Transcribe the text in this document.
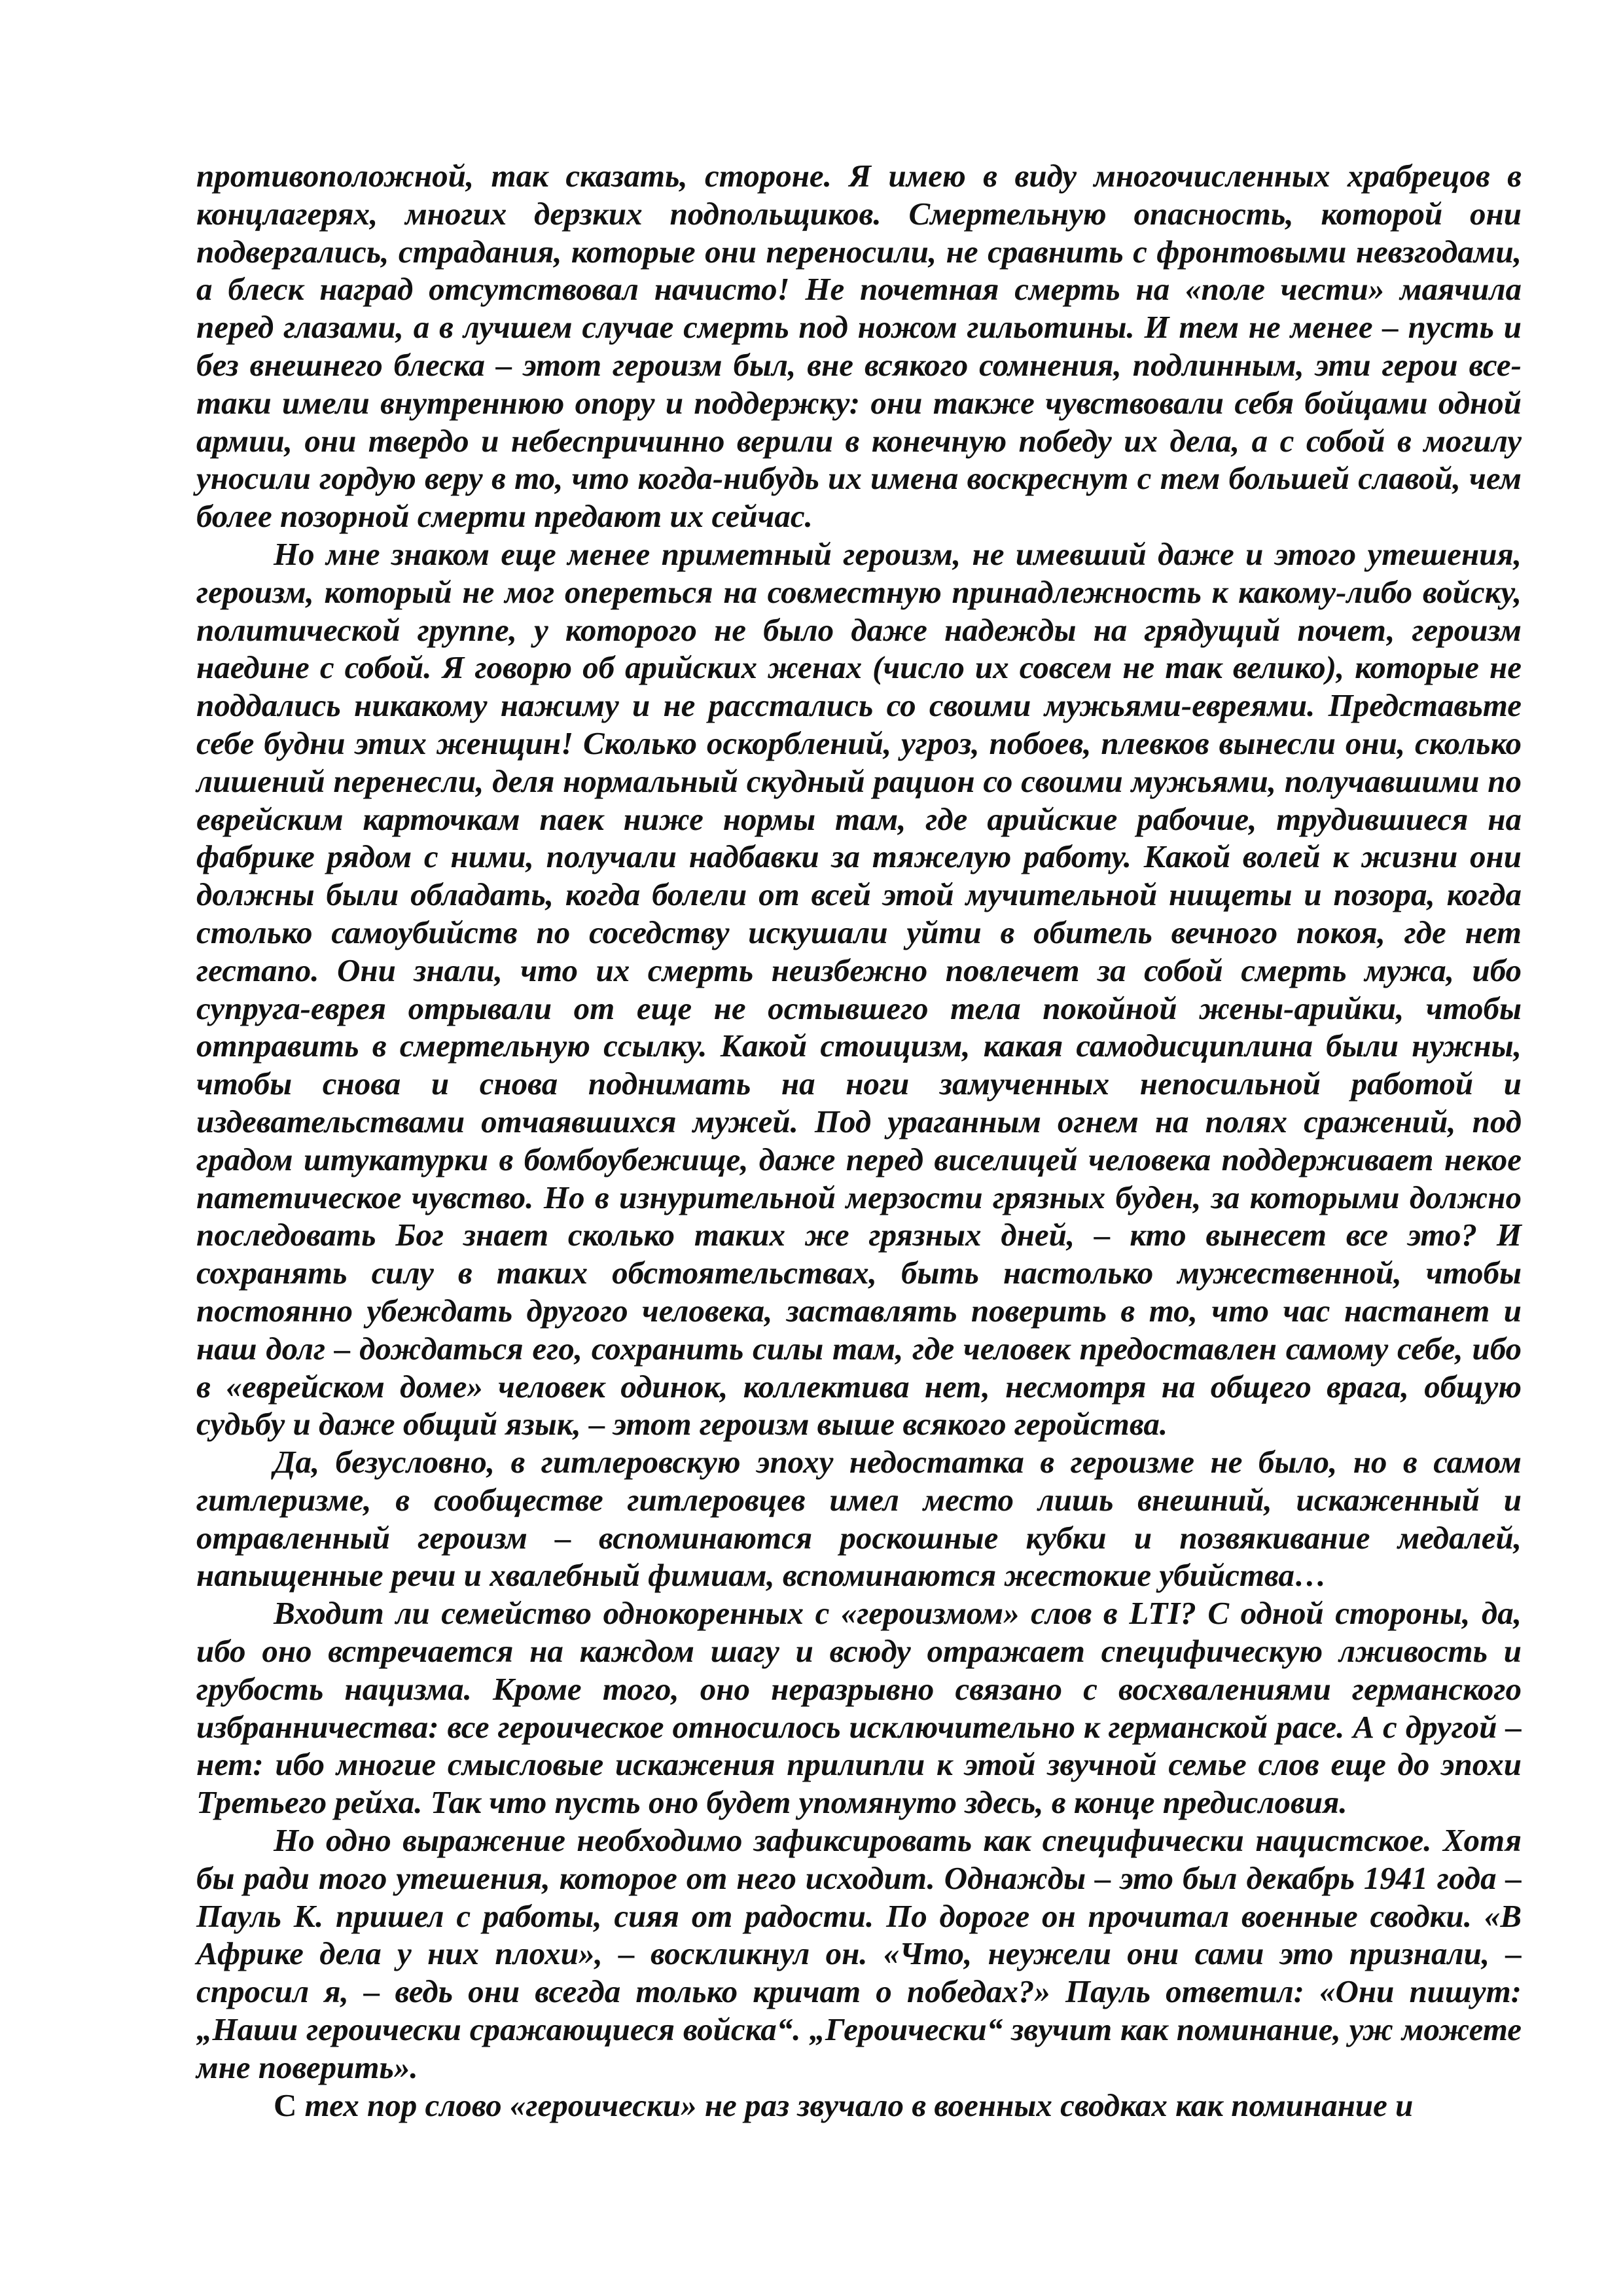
противоположной, так сказать, стороне. Я имею в виду многочисленных храбрецов в концлагерях, многих дерзких подпольщиков. Смертельную опасность, которой они подвергались, страдания, которые они переносили, не сравнить с фронтовыми невзгодами, а блеск наград отсутствовал начисто! Не почетная смерть на «поле чести» маячила перед глазами, а в лучшем случае смерть под ножом гильотины. И тем не менее – пусть и без внешнего блеска – этот героизм был, вне всякого сомнения, подлинным, эти герои все-таки имели внутреннюю опору и поддержку: они также чувствовали себя бойцами одной армии, они твердо и небеспричинно верили в конечную победу их дела, а с собой в могилу уносили гордую веру в то, что когда-нибудь их имена воскреснут с тем большей славой, чем более позорной смерти предают их сейчас.

Но мне знаком еще менее приметный героизм, не имевший даже и этого утешения, героизм, который не мог опереться на совместную принадлежность к какому-либо войску, политической группе, у которого не было даже надежды на грядущий почет, героизм наедине с собой. Я говорю об арийских женах (число их совсем не так велико), которые не поддались никакому нажиму и не расстались со своими мужьями-евреями. Представьте себе будни этих женщин! Сколько оскорблений, угроз, побоев, плевков вынесли они, сколько лишений перенесли, деля нормальный скудный рацион со своими мужьями, получавшими по еврейским карточкам паек ниже нормы там, где арийские рабочие, трудившиеся на фабрике рядом с ними, получали надбавки за тяжелую работу. Какой волей к жизни они должны были обладать, когда болели от всей этой мучительной нищеты и позора, когда столько самоубийств по соседству искушали уйти в обитель вечного покоя, где нет гестапо. Они знали, что их смерть неизбежно повлечет за собой смерть мужа, ибо супруга-еврея отрывали от еще не остывшего тела покойной жены-арийки, чтобы отправить в смертельную ссылку. Какой стоицизм, какая самодисциплина были нужны, чтобы снова и снова поднимать на ноги замученных непосильной работой и издевательствами отчаявшихся мужей. Под ураганным огнем на полях сражений, под градом штукатурки в бомбоубежище, даже перед виселицей человека поддерживает некое патетическое чувство. Но в изнурительной мерзости грязных буден, за которыми должно последовать Бог знает сколько таких же грязных дней, – кто вынесет все это? И сохранять силу в таких обстоятельствах, быть настолько мужественной, чтобы постоянно убеждать другого человека, заставлять поверить в то, что час настанет и наш долг – дождаться его, сохранить силы там, где человек предоставлен самому себе, ибо в «еврейском доме» человек одинок, коллектива нет, несмотря на общего врага, общую судьбу и даже общий язык, – этот героизм выше всякого геройства.

Да, безусловно, в гитлеровскую эпоху недостатка в героизме не было, но в самом гитлеризме, в сообществе гитлеровцев имел место лишь внешний, искаженный и отравленный героизм – вспоминаются роскошные кубки и позвякивание медалей, напыщенные речи и хвалебный фимиам, вспоминаются жестокие убийства…

Входит ли семейство однокоренных с «героизмом» слов в LTI? С одной стороны, да, ибо оно встречается на каждом шагу и всюду отражает специфическую лживость и грубость нацизма. Кроме того, оно неразрывно связано с восхвалениями германского избранничества: все героическое относилось исключительно к германской расе. А с другой – нет: ибо многие смысловые искажения прилипли к этой звучной семье слов еще до эпохи Третьего рейха. Так что пусть оно будет упомянуто здесь, в конце предисловия.

Но одно выражение необходимо зафиксировать как специфически нацистское. Хотя бы ради того утешения, которое от него исходит. Однажды – это был декабрь 1941 года – Пауль К. пришел с работы, сияя от радости. По дороге он прочитал военные сводки. «В Африке дела у них плохи», – воскликнул он. «Что, неужели они сами это признали, – спросил я, – ведь они всегда только кричат о победах?» Пауль ответил: «Они пишут: „Наши героически сражающиеся войска“. „Героически“ звучит как поминание, уж можете мне поверить».

С тех пор слово «героически» не раз звучало в военных сводках как поминание и
